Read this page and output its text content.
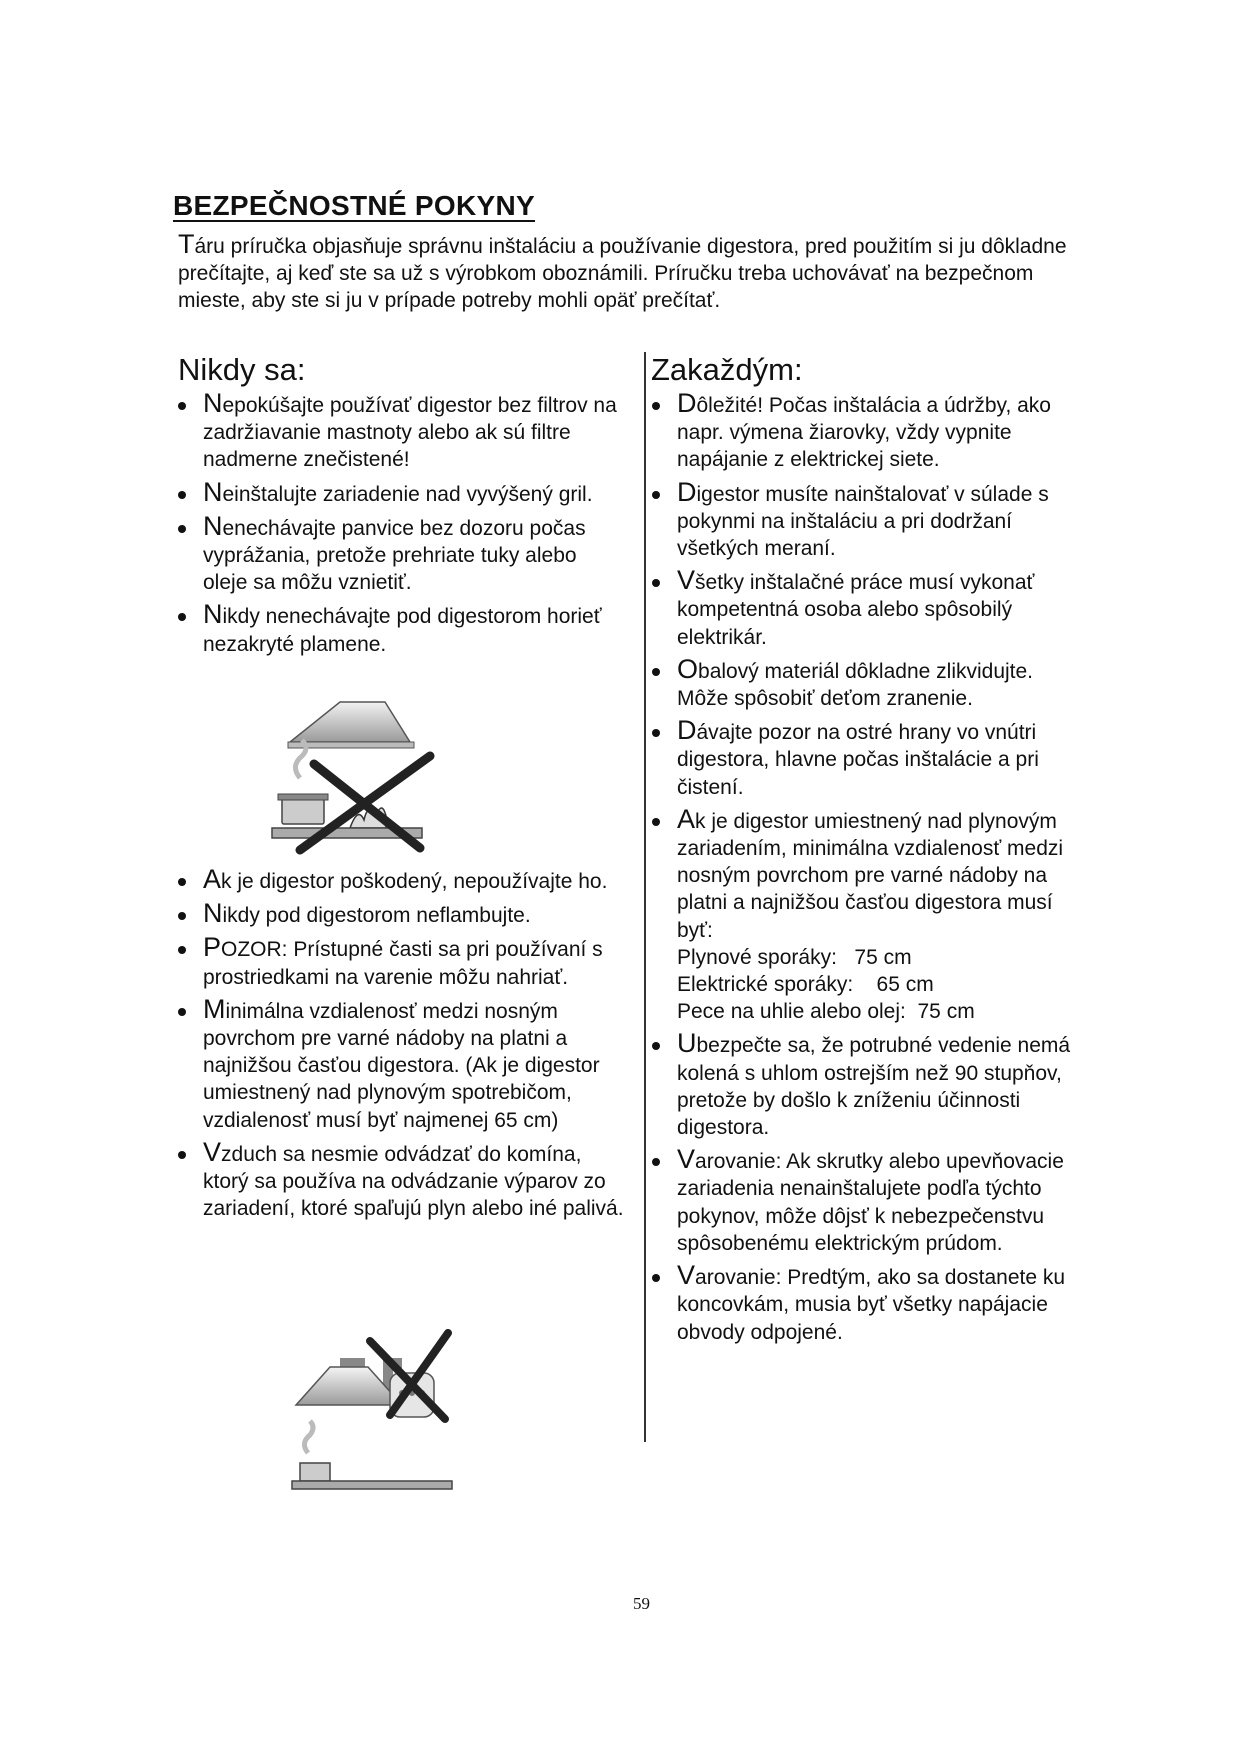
BEZPEČNOSTNÉ POKYNY
Táru príručka objasňuje správnu inštaláciu a používanie digestora, pred použitím si ju dôkladne prečítajte, aj keď ste sa už s výrobkom oboznámili. Príručku treba uchovávať na bezpečnom mieste, aby ste si ju v prípade potreby mohli opäť prečítať.
Nikdy sa:	Zakaždým:
Nepokúšajte používať digestor bez filtrov na zadržiavanie mastnoty alebo ak sú filtre nadmerne znečistené!
Neinštalujte zariadenie nad vyvýšený gril.
Nenechávajte panvice bez dozoru počas vyprážania, pretože prehriate tuky alebo oleje sa môžu vznietiť.
Nikdy nenechávajte pod digestorom horieť nezakryté plamene.
Ak je digestor poškodený, nepoužívajte ho.
Nikdy pod digestorom neflambujte.
POZOR: Prístupné časti sa pri používaní s prostriedkami na varenie môžu nahriať.
Minimálna vzdialenosť medzi nosným povrchom pre varné nádoby na platni a najnižšou časťou digestora. (Ak je digestor umiestnený nad plynovým spotrebičom, vzdialenosť musí byť najmenej 65 cm)
Vzduch sa nesmie odvádzať do komína, ktorý sa používa na odvádzanie výparov zo zariadení, ktoré spaľujú plyn alebo iné palivá.
Dôležité! Počas inštalácia a údržby, ako napr. výmena žiarovky, vždy vypnite napájanie z elektrickej siete.
Digestor musíte nainštalovať v súlade s pokynmi na inštaláciu a pri dodržaní všetkých meraní.
Všetky inštalačné práce musí vykonať kompetentná osoba alebo spôsobilý elektrikár.
Obalový materiál dôkladne zlikvidujte. Môže spôsobiť deťom zranenie.
Dávajte pozor na ostré hrany vo vnútri digestora, hlavne počas inštalácie a pri čistení.
Ak je digestor umiestnený nad plynovým zariadením, minimálna vzdialenosť medzi nosným povrchom pre varné nádoby na platni a najnižšou časťou digestora musí byť:
Plynové sporáky:   75 cm
Elektrické sporáky:    65 cm
Pece na uhlie alebo olej:  75 cm
Ubezpečte sa, že potrubné vedenie nemá kolená s uhlom ostrejším než 90 stupňov, pretože by došlo k zníženiu účinnosti digestora.
Varovanie: Ak skrutky alebo upevňovacie zariadenia nenainštalujete podľa týchto pokynov, môže dôjsť k nebezpečenstvu spôsobenému elektrickým prúdom.
Varovanie: Predtým, ako sa dostanete ku koncovkám, musia byť všetky napájacie obvody odpojené.
59
